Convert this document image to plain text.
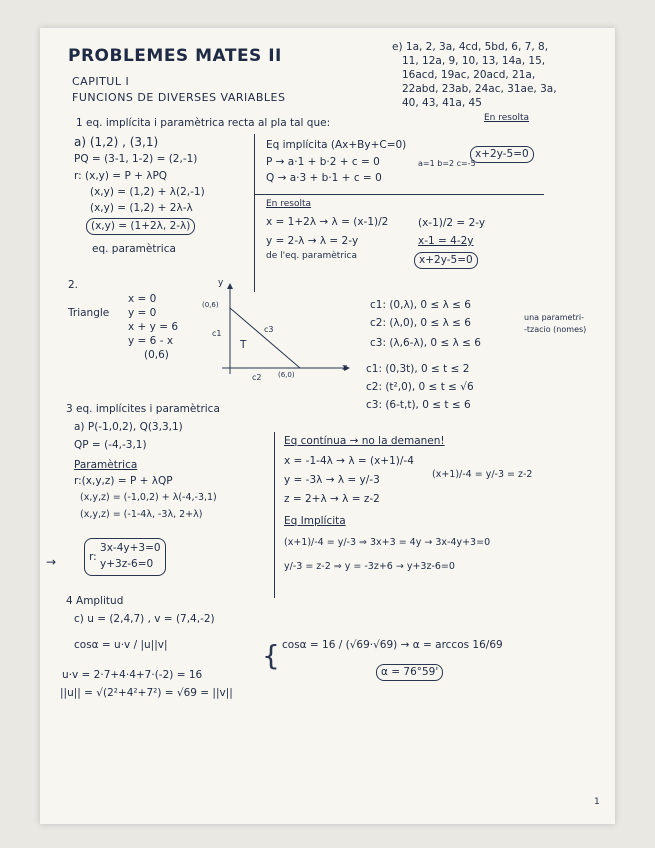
PROBLEMES MATES II
CAPITUL I
FUNCIONS DE DIVERSES VARIABLES
e) 1a, 2, 3a, 4cd, 5bd, 6, 7, 8,
11, 12a, 9, 10, 13, 14a, 15,
16acd, 19ac, 20acd, 21a,
22abd, 23ab, 24ac, 31ae, 3a,
40, 43, 41a, 45
En resolta
1 eq. implícita i paramètrica recta al pla tal que:
a) (1,2) , (3,1)
PQ = (3-1, 1-2) = (2,-1)
r: (x,y) = P + λPQ
(x,y) = (1,2) + λ(2,-1)
(x,y) = (1,2) + 2λ-λ
(x,y) = (1+2λ, 2-λ)
eq. paramètrica
Eq implícita (Ax+By+C=0)
P → a·1 + b·2 + c = 0
Q → a·3 + b·1 + c = 0
a=1 b=2 c=-5
x+2y-5=0
En resolta
x = 1+2λ → λ = (x-1)/2
y = 2-λ → λ = 2-y
de l'eq. paramètrica
(x-1)/2 = 2-y
x-1 = 4-2y
x+2y-5=0
2.
Triangle
x = 0
y = 0
x + y = 6
y = 6 - x
(0,6)
y
x
(0,6)
(6,0)
T
c1
c2
c3
c1: (0,λ), 0 ≤ λ ≤ 6
c2: (λ,0), 0 ≤ λ ≤ 6
c3: (λ,6-λ), 0 ≤ λ ≤ 6
una parametri-
-tzacio (nomes)
c1: (0,3t), 0 ≤ t ≤ 2
c2: (t²,0), 0 ≤ t ≤ √6
c3: (6-t,t), 0 ≤ t ≤ 6
3 eq. implícites i paramètrica
a) P(-1,0,2), Q(3,3,1)
QP = (-4,-3,1)
Paramètrica
r:(x,y,z) = P + λQP
(x,y,z) = (-1,0,2) + λ(-4,-3,1)
(x,y,z) = (-1-4λ, -3λ, 2+λ)
→	r:
3x-4y+3=0
y+3z-6=0
Eq contínua → no la demanen!
x = -1-4λ → λ = (x+1)/-4
y = -3λ → λ = y/-3
z = 2+λ → λ = z-2
(x+1)/-4 = y/-3 = z-2
Eq Implícita
(x+1)/-4 = y/-3 ⇒ 3x+3 = 4y → 3x-4y+3=0
y/-3 = z-2 ⇒ y = -3z+6 → y+3z-6=0
4 Amplitud
c) u = (2,4,7) , v = (7,4,-2)
cosα = u·v / |u||v|
u·v = 2·7+4·4+7·(-2) = 16
||u|| = √(2²+4²+7²) = √69 = ||v||
{ cosα = 16 / (√69·√69) → α = arccos 16/69
α = 76°59'
1
